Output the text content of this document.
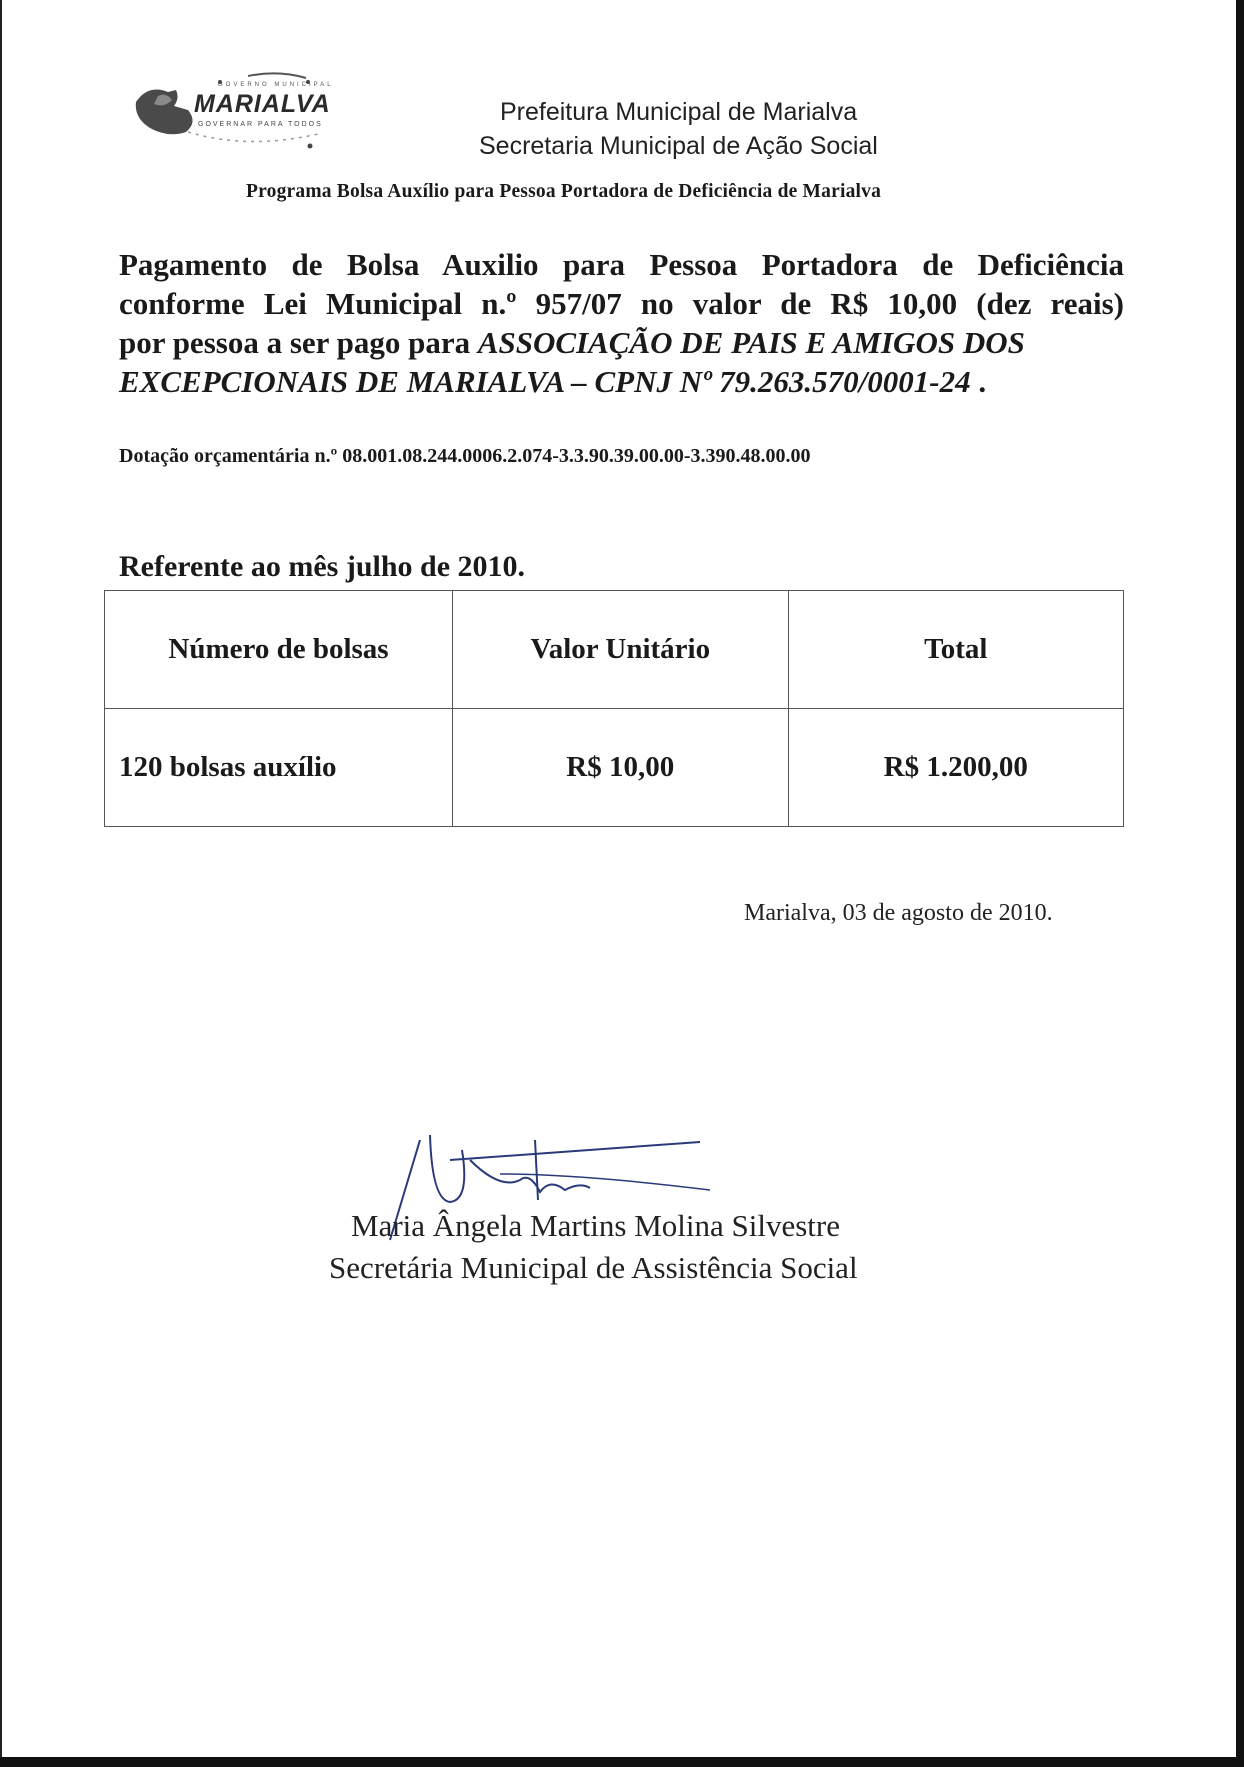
GOVERNO MUNICIPAL
MARIALVA
GOVERNAR PARA TODOS	Prefeitura Municipal de Marialva
Secretaria Municipal de Ação Social
Programa Bolsa Auxílio para Pessoa Portadora de Deficiência de Marialva
Pagamento de Bolsa Auxilio para Pessoa Portadora de Deficiência
conforme Lei Municipal n.º 957/07 no valor de R$ 10,00 (dez reais)
por pessoa a ser pago para ASSOCIAÇÃO DE PAIS E AMIGOS DOS
EXCEPCIONAIS DE MARIALVA – CPNJ Nº 79.263.570/0001-24 .
Dotação orçamentária n.º 08.001.08.244.0006.2.074-3.3.90.39.00.00-3.390.48.00.00
Referente ao mês julho de 2010.
Número de bolsas	Valor Unitário	Total
120 bolsas auxílio	R$ 10,00	R$ 1.200,00
Marialva, 03 de agosto de 2010.
Maria Ângela Martins Molina Silvestre
Secretária Municipal de Assistência Social
